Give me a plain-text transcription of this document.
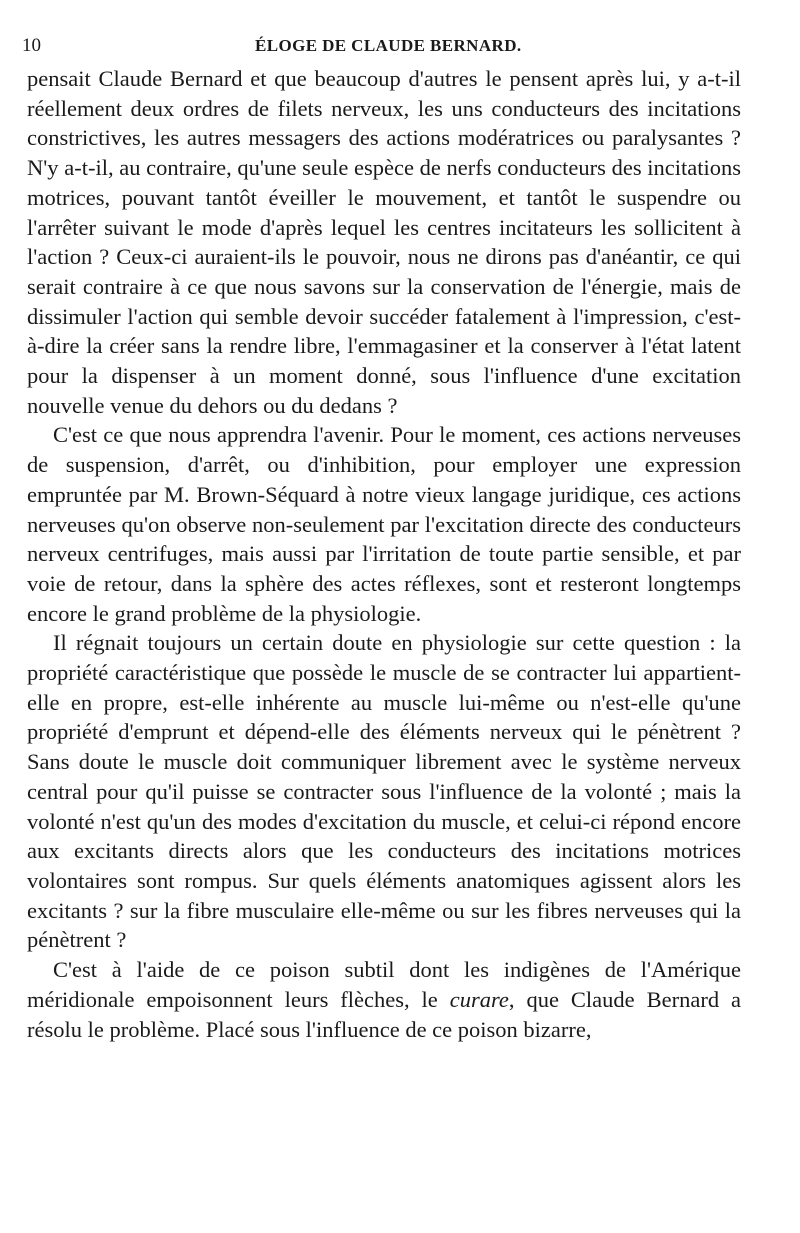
10	ÉLOGE DE CLAUDE BERNARD.

pensait Claude Bernard et que beaucoup d'autres le pensent après lui, y a-t-il réellement deux ordres de filets nerveux, les uns conducteurs des incitations constrictives, les autres messagers des actions modératrices ou paralysantes ? N'y a-t-il, au contraire, qu'une seule espèce de nerfs conducteurs des incitations motrices, pouvant tantôt éveiller le mouvement, et tantôt le suspendre ou l'arrêter suivant le mode d'après lequel les centres incitateurs les sollicitent à l'action ? Ceux-ci auraient-ils le pouvoir, nous ne dirons pas d'anéantir, ce qui serait contraire à ce que nous savons sur la conservation de l'énergie, mais de dissimuler l'action qui semble devoir succéder fatalement à l'impression, c'est-à-dire la créer sans la rendre libre, l'emmagasiner et la conserver à l'état latent pour la dispenser à un moment donné, sous l'influence d'une excitation nouvelle venue du dehors ou du dedans ?

C'est ce que nous apprendra l'avenir. Pour le moment, ces actions nerveuses de suspension, d'arrêt, ou d'inhibition, pour employer une expression empruntée par M. Brown-Séquard à notre vieux langage juridique, ces actions nerveuses qu'on observe non-seulement par l'excitation directe des conducteurs nerveux centrifuges, mais aussi par l'irritation de toute partie sensible, et par voie de retour, dans la sphère des actes réflexes, sont et resteront longtemps encore le grand problème de la physiologie.

Il régnait toujours un certain doute en physiologie sur cette question : la propriété caractéristique que possède le muscle de se contracter lui appartient-elle en propre, est-elle inhérente au muscle lui-même ou n'est-elle qu'une propriété d'emprunt et dépend-elle des éléments nerveux qui le pénètrent ? Sans doute le muscle doit communiquer librement avec le système nerveux central pour qu'il puisse se contracter sous l'influence de la volonté ; mais la volonté n'est qu'un des modes d'excitation du muscle, et celui-ci répond encore aux excitants directs alors que les conducteurs des incitations motrices volontaires sont rompus. Sur quels éléments anatomiques agissent alors les excitants ? sur la fibre musculaire elle-même ou sur les fibres nerveuses qui la pénètrent ?

C'est à l'aide de ce poison subtil dont les indigènes de l'Amérique méridionale empoisonnent leurs flèches, le curare, que Claude Bernard a résolu le problème. Placé sous l'influence de ce poison bizarre,
